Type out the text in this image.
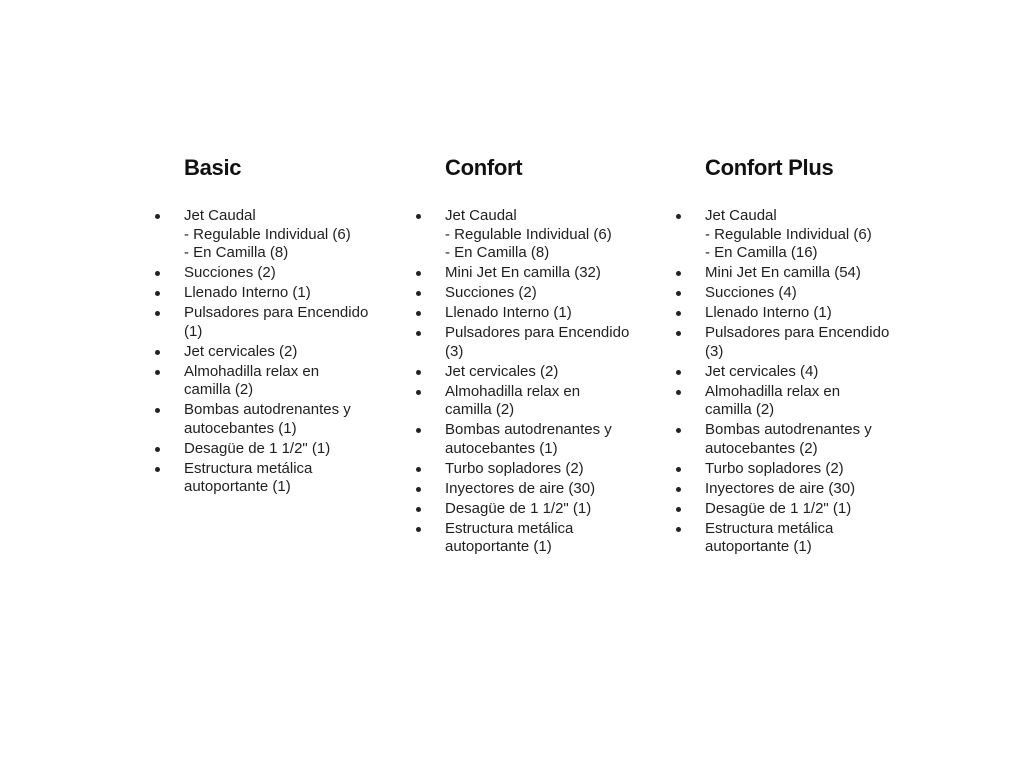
Basic
Jet Caudal
- Regulable Individual (6)
- En Camilla (8)
Succiones (2)
Llenado Interno (1)
Pulsadores para Encendido
(1)
Jet cervicales (2)
Almohadilla relax en
camilla (2)
Bombas autodrenantes y
autocebantes (1)
Desagüe de 1 1/2" (1)
Estructura metálica
autoportante (1)
Confort
Jet Caudal
- Regulable Individual (6)
- En Camilla (8)
Mini Jet En camilla (32)
Succiones (2)
Llenado Interno (1)
Pulsadores para Encendido
(3)
Jet cervicales (2)
Almohadilla relax en
camilla (2)
Bombas autodrenantes y
autocebantes (1)
Turbo sopladores (2)
Inyectores de aire (30)
Desagüe de 1 1/2" (1)
Estructura metálica
autoportante (1)
Confort Plus
Jet Caudal
- Regulable Individual (6)
- En Camilla (16)
Mini Jet En camilla (54)
Succiones (4)
Llenado Interno (1)
Pulsadores para Encendido
(3)
Jet cervicales (4)
Almohadilla relax en
camilla (2)
Bombas autodrenantes y
autocebantes (2)
Turbo sopladores (2)
Inyectores de aire (30)
Desagüe de 1 1/2" (1)
Estructura metálica
autoportante (1)
